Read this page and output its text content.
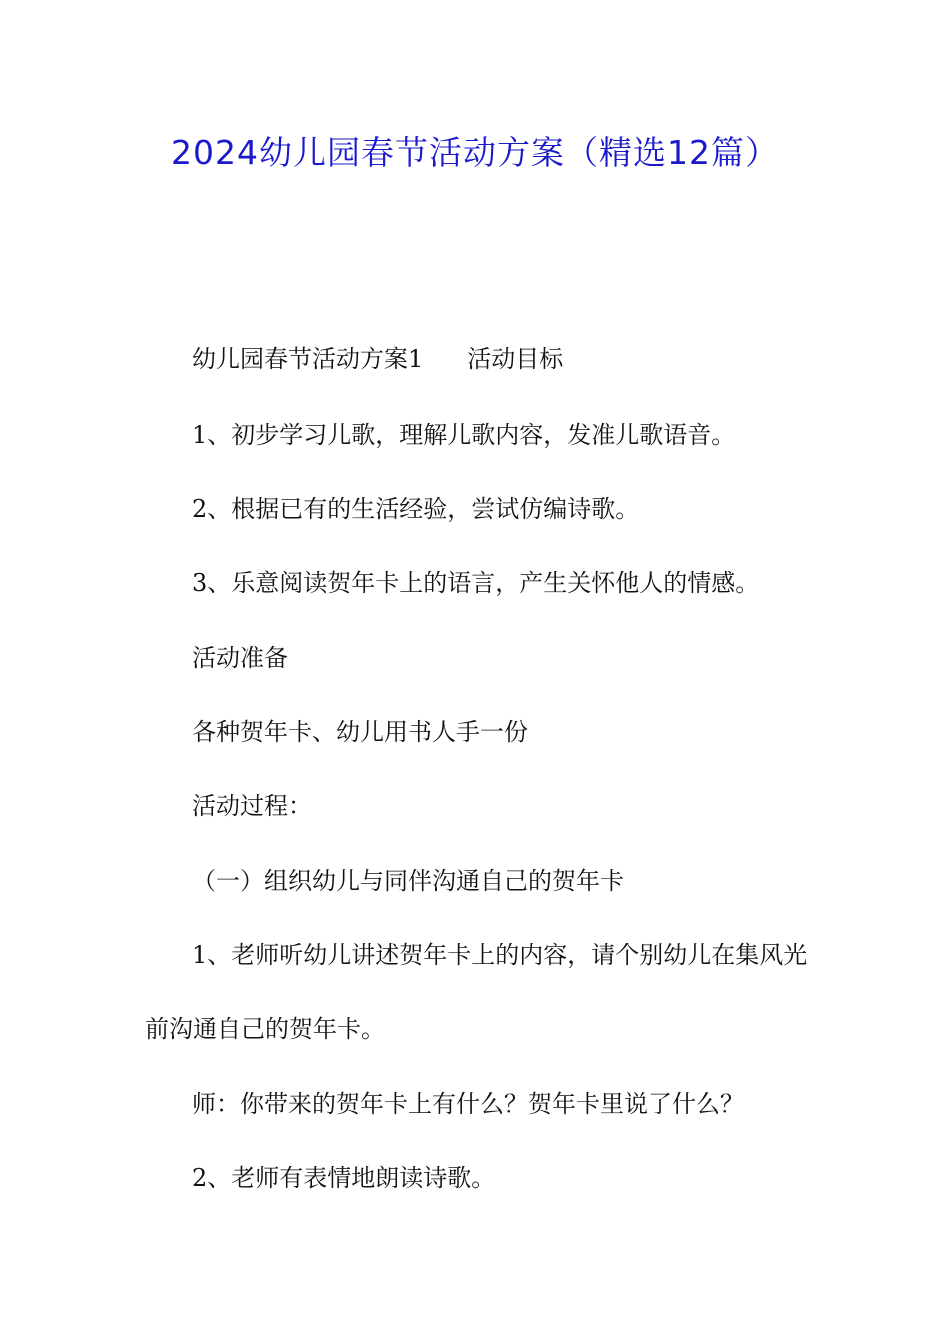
2024幼儿园春节活动方案（精选12篇）
幼儿园春节活动方案1 活动目标
1、初步学习儿歌，理解儿歌内容，发准儿歌语音。
2、根据已有的生活经验，尝试仿编诗歌。
3、乐意阅读贺年卡上的语言，产生关怀他人的情感。
活动准备
各种贺年卡、幼儿用书人手一份
活动过程：
（一）组织幼儿与同伴沟通自己的贺年卡
1、老师听幼儿讲述贺年卡上的内容，请个别幼儿在集风光
前沟通自己的贺年卡。
师：你带来的贺年卡上有什么？贺年卡里说了什么？
2、老师有表情地朗读诗歌。
